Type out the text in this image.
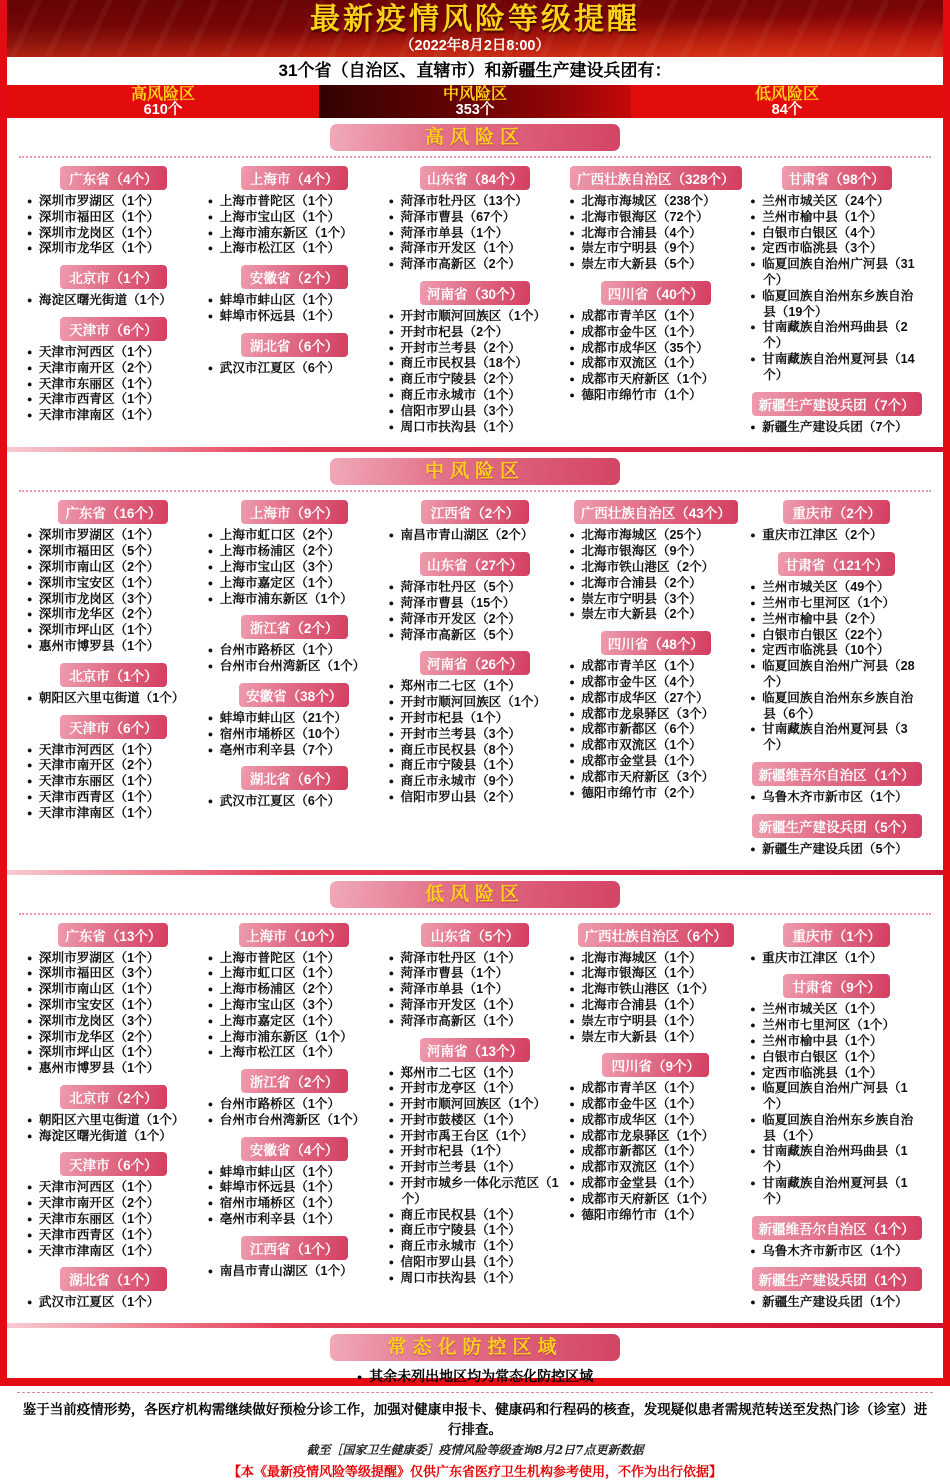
最新疫情风险等级提醒
（2022年8月2日8:00）
31个省（自治区、直辖市）和新疆生产建设兵团有：
高风险区
610个
中风险区
353个
低风险区
84个
高风险区
广东省（4个）
● 深圳市罗湖区（1个）
● 深圳市福田区（1个）
● 深圳市龙岗区（1个）
● 深圳市龙华区（1个）
北京市（1个）
● 海淀区曙光街道（1个）
天津市（6个）
● 天津市河西区（1个）
● 天津市南开区（2个）
● 天津市东丽区（1个）
● 天津市西青区（1个）
● 天津市津南区（1个）
上海市（4个）
● 上海市普陀区（1个）
● 上海市宝山区（1个）
● 上海市浦东新区（1个）
● 上海市松江区（1个）
安徽省（2个）
● 蚌埠市蚌山区（1个）
● 蚌埠市怀远县（1个）
湖北省（6个）
● 武汉市江夏区（6个）
山东省（84个）
● 菏泽市牡丹区（13个）
● 菏泽市曹县（67个）
● 菏泽市单县（1个）
● 菏泽市开发区（1个）
● 菏泽市高新区（2个）
河南省（30个）
● 开封市顺河回族区（1个）
● 开封市杞县（2个）
● 开封市兰考县（2个）
● 商丘市民权县（18个）
● 商丘市宁陵县（2个）
● 商丘市永城市（1个）
● 信阳市罗山县（3个）
● 周口市扶沟县（1个）
广西壮族自治区（328个）
● 北海市海城区（238个）
● 北海市银海区（72个）
● 北海市合浦县（4个）
● 崇左市宁明县（9个）
● 崇左市大新县（5个）
四川省（40个）
● 成都市青羊区（1个）
● 成都市金牛区（1个）
● 成都市成华区（35个）
● 成都市双流区（1个）
● 成都市天府新区（1个）
● 德阳市绵竹市（1个）
甘肃省（98个）
● 兰州市城关区（24个）
● 兰州市榆中县（1个）
● 白银市白银区（4个）
● 定西市临洮县（3个）
● 临夏回族自治州广河县（31个）
● 临夏回族自治州东乡族自治县（19个）
● 甘南藏族自治州玛曲县（2个）
● 甘南藏族自治州夏河县（14个）
新疆生产建设兵团（7个）
● 新疆生产建设兵团（7个）
中风险区
广东省（16个）
● 深圳市罗湖区（1个）
● 深圳市福田区（5个）
● 深圳市南山区（2个）
● 深圳市宝安区（1个）
● 深圳市龙岗区（3个）
● 深圳市龙华区（2个）
● 深圳市坪山区（1个）
● 惠州市博罗县（1个）
北京市（1个）
● 朝阳区六里屯街道（1个）
天津市（6个）
● 天津市河西区（1个）
● 天津市南开区（2个）
● 天津市东丽区（1个）
● 天津市西青区（1个）
● 天津市津南区（1个）
上海市（9个）
● 上海市虹口区（2个）
● 上海市杨浦区（2个）
● 上海市宝山区（3个）
● 上海市嘉定区（1个）
● 上海市浦东新区（1个）
浙江省（2个）
● 台州市路桥区（1个）
● 台州市台州湾新区（1个）
安徽省（38个）
● 蚌埠市蚌山区（21个）
● 宿州市埇桥区（10个）
● 亳州市利辛县（7个）
湖北省（6个）
● 武汉市江夏区（6个）
江西省（2个）
● 南昌市青山湖区（2个）
山东省（27个）
● 菏泽市牡丹区（5个）
● 菏泽市曹县（15个）
● 菏泽市开发区（2个）
● 菏泽市高新区（5个）
河南省（26个）
● 郑州市二七区（1个）
● 开封市顺河回族区（1个）
● 开封市杞县（1个）
● 开封市兰考县（3个）
● 商丘市民权县（8个）
● 商丘市宁陵县（1个）
● 商丘市永城市（9个）
● 信阳市罗山县（2个）
广西壮族自治区（43个）
● 北海市海城区（25个）
● 北海市银海区（9个）
● 北海市铁山港区（2个）
● 北海市合浦县（2个）
● 崇左市宁明县（3个）
● 崇左市大新县（2个）
四川省（48个）
● 成都市青羊区（1个）
● 成都市金牛区（4个）
● 成都市成华区（27个）
● 成都市龙泉驿区（3个）
● 成都市新都区（6个）
● 成都市双流区（1个）
● 成都市金堂县（1个）
● 成都市天府新区（3个）
● 德阳市绵竹市（2个）
重庆市（2个）
● 重庆市江津区（2个）
甘肃省（121个）
● 兰州市城关区（49个）
● 兰州市七里河区（1个）
● 兰州市榆中县（2个）
● 白银市白银区（22个）
● 定西市临洮县（10个）
● 临夏回族自治州广河县（28个）
● 临夏回族自治州东乡族自治县（6个）
● 甘南藏族自治州夏河县（3个）
新疆维吾尔自治区（1个）
● 乌鲁木齐市新市区（1个）
新疆生产建设兵团（5个）
● 新疆生产建设兵团（5个）
低风险区
广东省（13个）
● 深圳市罗湖区（1个）
● 深圳市福田区（3个）
● 深圳市南山区（1个）
● 深圳市宝安区（1个）
● 深圳市龙岗区（3个）
● 深圳市龙华区（2个）
● 深圳市坪山区（1个）
● 惠州市博罗县（1个）
北京市（2个）
● 朝阳区六里屯街道（1个）
● 海淀区曙光街道（1个）
天津市（6个）
● 天津市河西区（1个）
● 天津市南开区（2个）
● 天津市东丽区（1个）
● 天津市西青区（1个）
● 天津市津南区（1个）
湖北省（1个）
● 武汉市江夏区（1个）
上海市（10个）
● 上海市普陀区（1个）
● 上海市虹口区（1个）
● 上海市杨浦区（2个）
● 上海市宝山区（3个）
● 上海市嘉定区（1个）
● 上海市浦东新区（1个）
● 上海市松江区（1个）
浙江省（2个）
● 台州市路桥区（1个）
● 台州市台州湾新区（1个）
安徽省（4个）
● 蚌埠市蚌山区（1个）
● 蚌埠市怀远县（1个）
● 宿州市埇桥区（1个）
● 亳州市利辛县（1个）
江西省（1个）
● 南昌市青山湖区（1个）
山东省（5个）
● 菏泽市牡丹区（1个）
● 菏泽市曹县（1个）
● 菏泽市单县（1个）
● 菏泽市开发区（1个）
● 菏泽市高新区（1个）
河南省（13个）
● 郑州市二七区（1个）
● 开封市龙亭区（1个）
● 开封市顺河回族区（1个）
● 开封市鼓楼区（1个）
● 开封市禹王台区（1个）
● 开封市杞县（1个）
● 开封市兰考县（1个）
● 开封市城乡一体化示范区（1个）
● 商丘市民权县（1个）
● 商丘市宁陵县（1个）
● 商丘市永城市（1个）
● 信阳市罗山县（1个）
● 周口市扶沟县（1个）
广西壮族自治区（6个）
● 北海市海城区（1个）
● 北海市银海区（1个）
● 北海市铁山港区（1个）
● 北海市合浦县（1个）
● 崇左市宁明县（1个）
● 崇左市大新县（1个）
四川省（9个）
● 成都市青羊区（1个）
● 成都市金牛区（1个）
● 成都市成华区（1个）
● 成都市龙泉驿区（1个）
● 成都市新都区（1个）
● 成都市双流区（1个）
● 成都市金堂县（1个）
● 成都市天府新区（1个）
● 德阳市绵竹市（1个）
重庆市（1个）
● 重庆市江津区（1个）
甘肃省（9个）
● 兰州市城关区（1个）
● 兰州市七里河区（1个）
● 兰州市榆中县（1个）
● 白银市白银区（1个）
● 定西市临洮县（1个）
● 临夏回族自治州广河县（1个）
● 临夏回族自治州东乡族自治县（1个）
● 甘南藏族自治州玛曲县（1个）
● 甘南藏族自治州夏河县（1个）
新疆维吾尔自治区（1个）
● 乌鲁木齐市新市区（1个）
新疆生产建设兵团（1个）
● 新疆生产建设兵团（1个）
常态化防控区域
● 其余未列出地区均为常态化防控区域
鉴于当前疫情形势，各医疗机构需继续做好预检分诊工作，加强对健康申报卡、健康码和行程码的核查，发现疑似患者需规范转送至发热门诊（诊室）进行排查。
截至［国家卫生健康委］疫情风险等级查询8月2日7点更新数据
【本《最新疫情风险等级提醒》仅供广东省医疗卫生机构参考使用，不作为出行依据】
